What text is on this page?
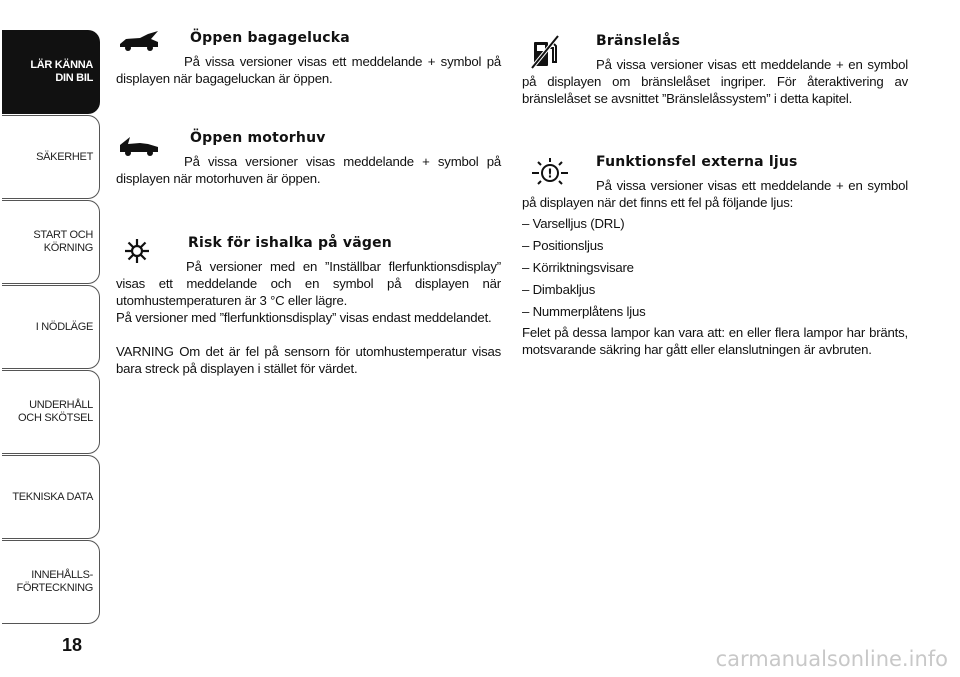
LÄR KÄNNA
DIN BIL
SÄKERHET
START OCH
KÖRNING
I NÖDLÄGE
UNDERHÅLL
OCH SKÖTSEL
TEKNISKA DATA
INNEHÅLLS-
FÖRTECKNING
18
Öppen bagagelucka

På vissa versioner visas ett meddelande + symbol på displayen när bagageluckan är öppen.

Öppen motorhuv

På vissa versioner visas meddelande + symbol på displayen när motorhuven är öppen.

Risk för ishalka på vägen

På versioner med en ”Inställbar flerfunktionsdisplay” visas ett meddelande och en symbol på displayen när utomhustemperaturen är 3 °C eller lägre.

På versioner med ”flerfunktionsdisplay” visas endast meddelandet.

VARNING Om det är fel på sensorn för utomhustemperatur visas bara streck på displayen i stället för värdet.

Bränslelås

På vissa versioner visas ett meddelande + en symbol på displayen om bränslelåset ingriper. För återaktivering av bränslelåset se avsnittet ”Bränslelåssystem” i detta kapitel.

!
Funktionsfel externa ljus

På vissa versioner visas ett meddelande + en symbol på displayen när det finns ett fel på följande ljus:

– Varselljus (DRL)
– Positionsljus
– Körriktningsvisare
– Dimbakljus
– Nummerplåtens ljus

Felet på dessa lampor kan vara att: en eller flera lampor har bränts, motsvarande säkring har gått eller elanslutningen är avbruten.

carmanualsonline.info
